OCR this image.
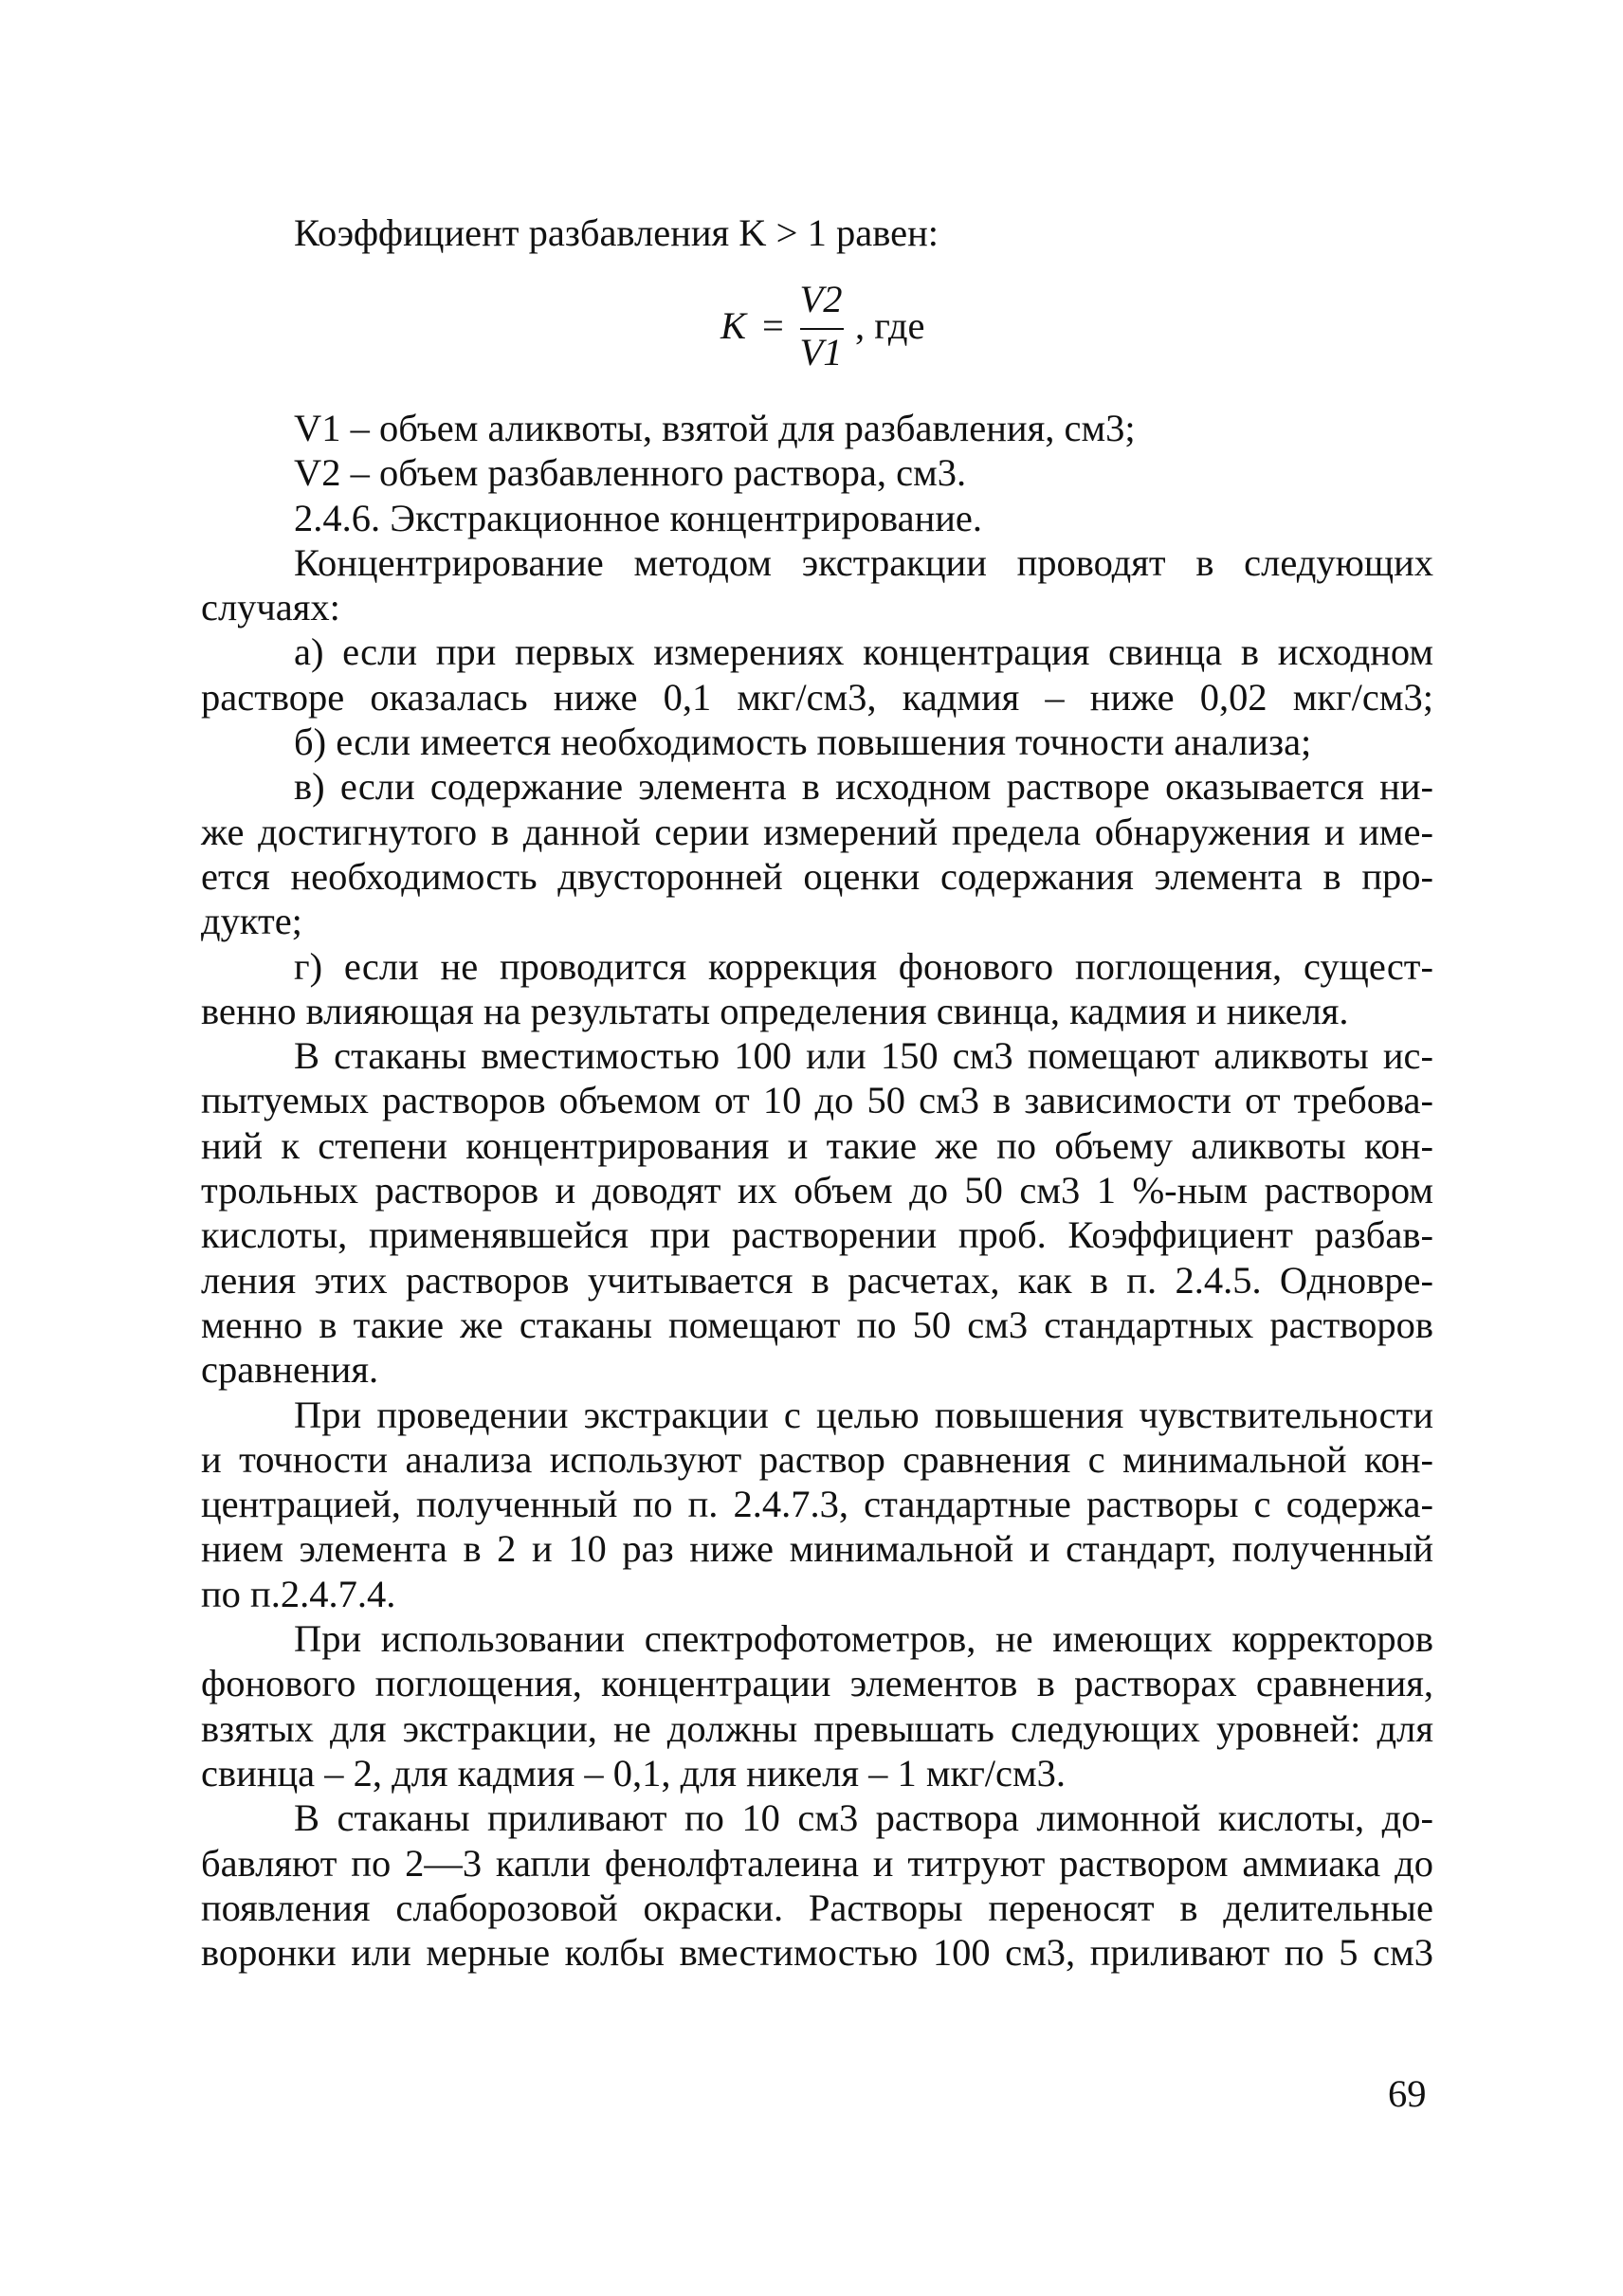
Коэффициент разбавления K > 1 равен:
K =
V2
V1
, где
V1 – объем аликвоты, взятой для разбавления, см3;
V2 – объем разбавленного раствора, см3.
2.4.6. Экстракционное концентрирование.
Концентрирование методом экстракции проводят в следующих
случаях:
а) если при первых измерениях концентрация свинца в исходном
растворе оказалась ниже 0,1 мкг/см3, кадмия – ниже 0,02 мкг/см3;
б) если имеется необходимость повышения точности анализа;
в) если содержание элемента в исходном растворе оказывается ни-
же достигнутого в данной серии измерений предела обнаружения и име-
ется необходимость двусторонней оценки содержания элемента в про-
дукте;
г) если не проводится коррекция фонового поглощения, сущест-
венно влияющая на результаты определения свинца, кадмия и никеля.
В стаканы вместимостью 100 или 150 см3 помещают аликвоты ис-
пытуемых растворов объемом от 10 до 50 см3 в зависимости от требова-
ний к степени концентрирования и такие же по объему аликвоты кон-
трольных растворов и доводят их объем до 50 см3 1 %-ным раствором
кислоты, применявшейся при растворении проб. Коэффициент разбав-
ления этих растворов учитывается в расчетах, как в п. 2.4.5. Одновре-
менно в такие же стаканы помещают по 50 см3 стандартных растворов
сравнения.
При проведении экстракции с целью повышения чувствительности
и точности анализа используют раствор сравнения с минимальной кон-
центрацией, полученный по п. 2.4.7.3, стандартные растворы с содержа-
нием элемента в 2 и 10 раз ниже минимальной и стандарт, полученный
по п.2.4.7.4.
При использовании спектрофотометров, не имеющих корректоров
фонового поглощения, концентрации элементов в растворах сравнения,
взятых для экстракции, не должны превышать следующих уровней: для
свинца – 2, для кадмия – 0,1, для никеля – 1 мкг/см3.
В стаканы приливают по 10 см3 раствора лимонной кислоты, до-
бавляют по 2—3 капли фенолфталеина и титруют раствором аммиака до
появления слаборозовой окраски. Растворы переносят в делительные
воронки или мерные колбы вместимостью 100 см3, приливают по 5 см3
69
